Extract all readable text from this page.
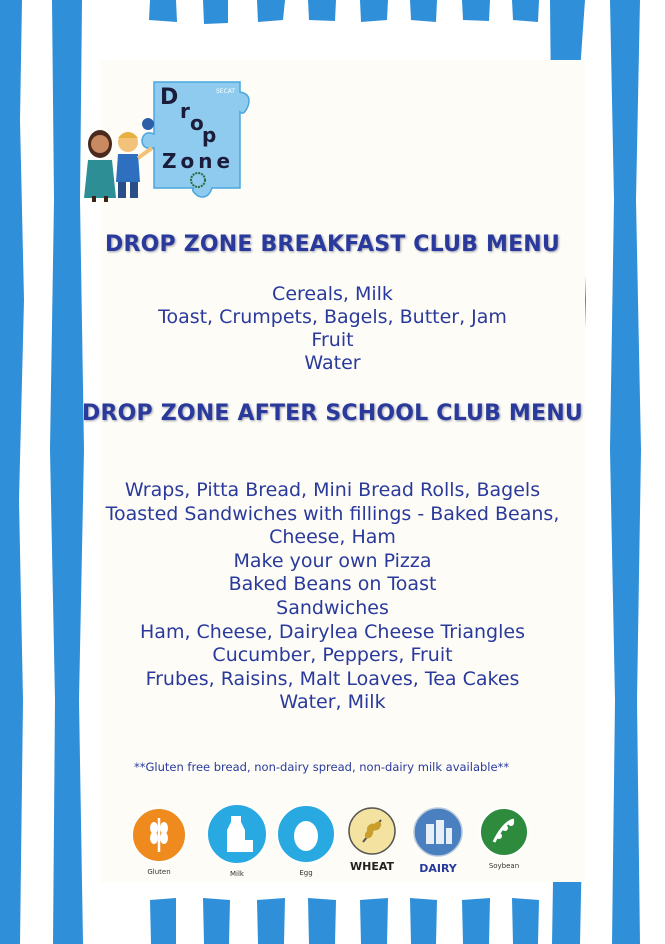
D
r o
p
Zone
SECAT
DROP ZONE BREAKFAST CLUB MENU
Cereals, Milk
Toast, Crumpets, Bagels, Butter, Jam
Fruit
Water
DROP ZONE AFTER SCHOOL CLUB MENU
Wraps, Pitta Bread, Mini Bread Rolls, Bagels
Toasted Sandwiches with fillings - Baked Beans,
Cheese, Ham
Make your own Pizza
Baked Beans on Toast
Sandwiches
Ham, Cheese, Dairylea Cheese Triangles
Cucumber, Peppers, Fruit
Frubes, Raisins, Malt Loaves, Tea Cakes
Water, Milk
**Gluten free bread, non-dairy spread, non-dairy milk available**
Gluten	Milk	Egg	WHEAT	DAIRY	Soybean
